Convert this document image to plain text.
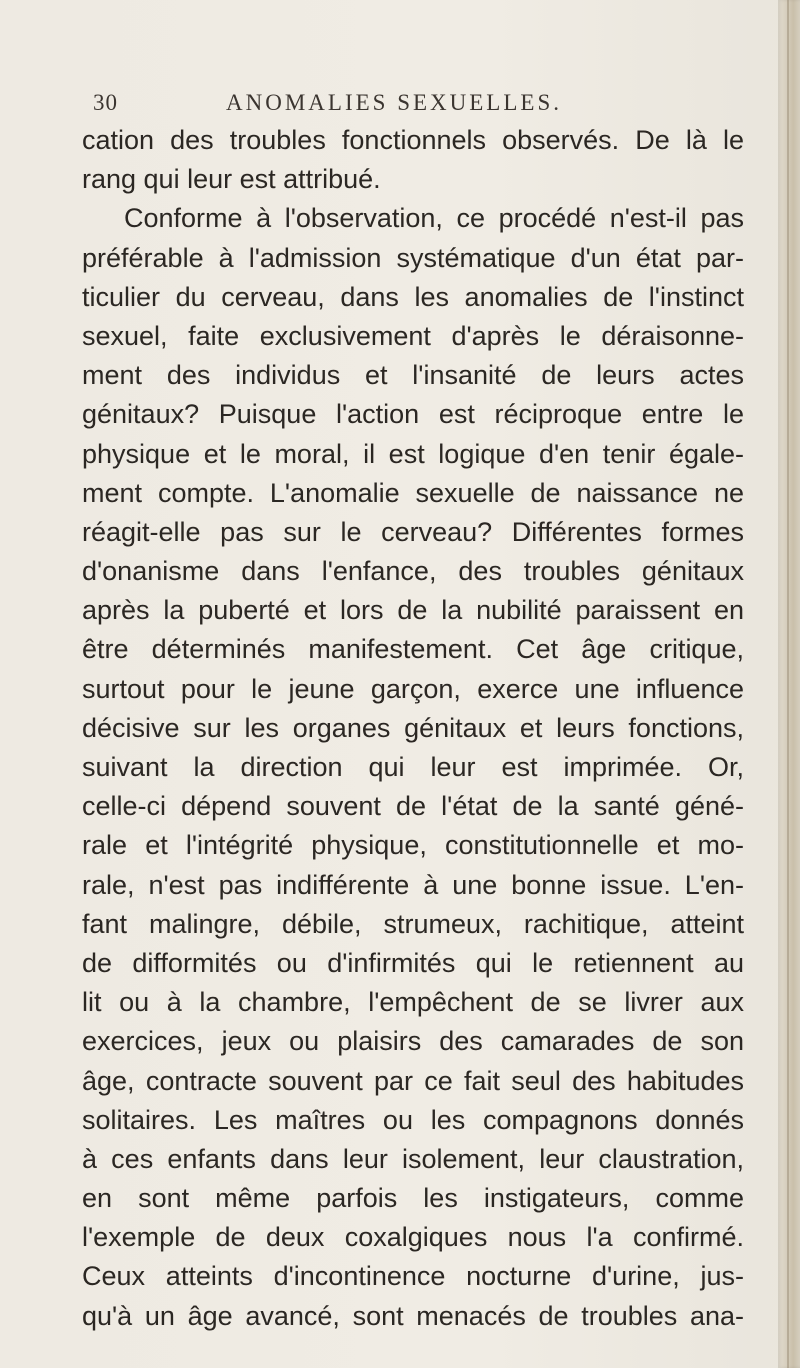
30	ANOMALIES SEXUELLES.
cation des troubles fonctionnels observés. De là le
rang qui leur est attribué.
Conforme à l'observation, ce procédé n'est-il pas
préférable à l'admission systématique d'un état par-
ticulier du cerveau, dans les anomalies de l'instinct
sexuel, faite exclusivement d'après le déraisonne-
ment des individus et l'insanité de leurs actes
génitaux? Puisque l'action est réciproque entre le
physique et le moral, il est logique d'en tenir égale-
ment compte. L'anomalie sexuelle de naissance ne
réagit-elle pas sur le cerveau? Différentes formes
d'onanisme dans l'enfance, des troubles génitaux
après la puberté et lors de la nubilité paraissent en
être déterminés manifestement. Cet âge critique,
surtout pour le jeune garçon, exerce une influence
décisive sur les organes génitaux et leurs fonctions,
suivant la direction qui leur est imprimée. Or,
celle-ci dépend souvent de l'état de la santé géné-
rale et l'intégrité physique, constitutionnelle et mo-
rale, n'est pas indifférente à une bonne issue. L'en-
fant malingre, débile, strumeux, rachitique, atteint
de difformités ou d'infirmités qui le retiennent au
lit ou à la chambre, l'empêchent de se livrer aux
exercices, jeux ou plaisirs des camarades de son
âge, contracte souvent par ce fait seul des habitudes
solitaires. Les maîtres ou les compagnons donnés
à ces enfants dans leur isolement, leur claustration,
en sont même parfois les instigateurs, comme
l'exemple de deux coxalgiques nous l'a confirmé.
Ceux atteints d'incontinence nocturne d'urine, jus-
qu'à un âge avancé, sont menacés de troubles ana-
